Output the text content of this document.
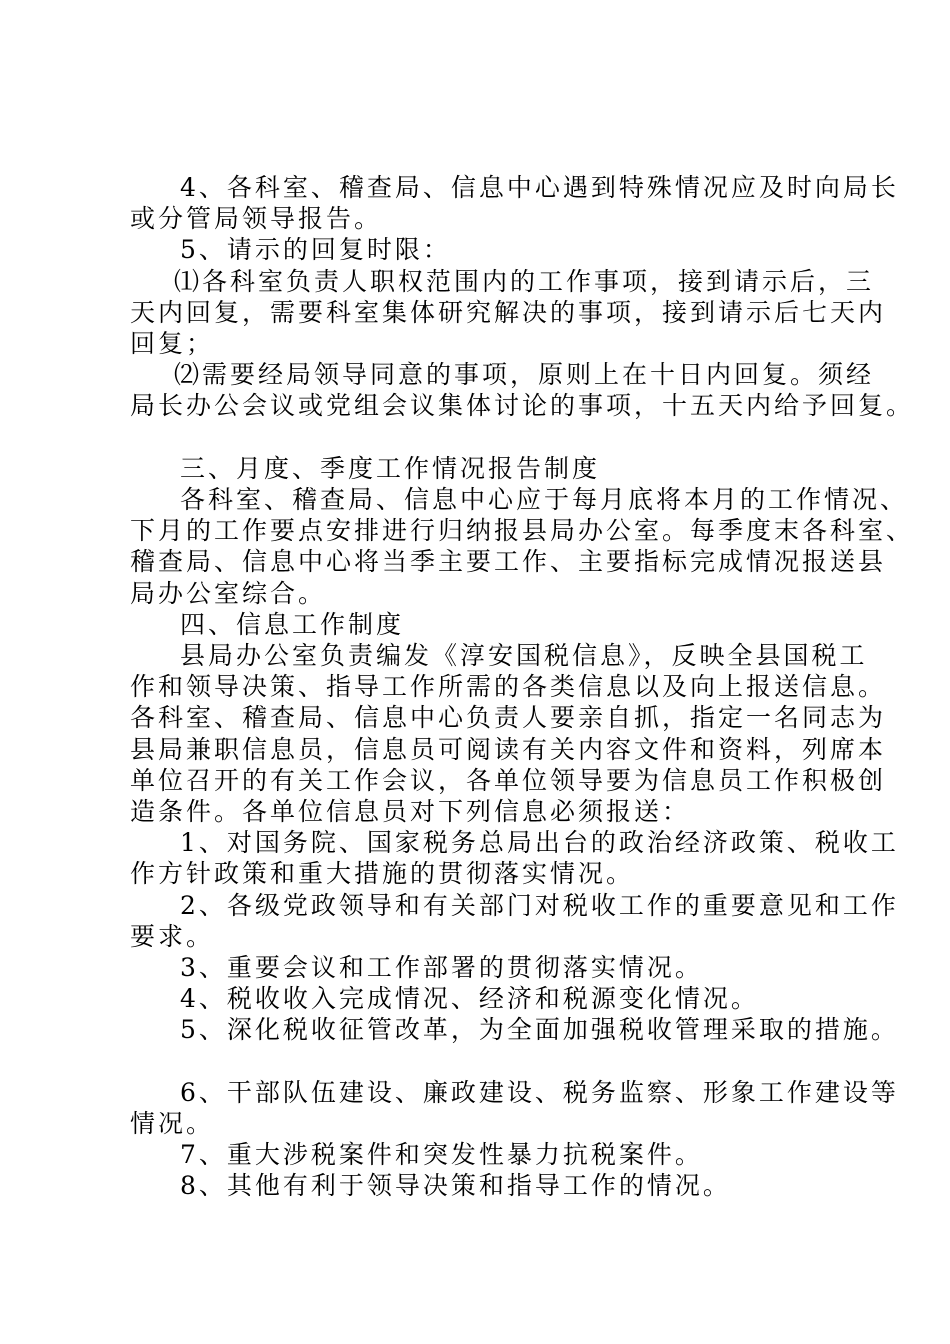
4、各科室、稽查局、信息中心遇到特殊情况应及时向局长
或分管局领导报告。

5、请示的回复时限：

⑴各科室负责人职权范围内的工作事项，接到请示后，三
天内回复，需要科室集体研究解决的事项，接到请示后七天内
回复；

⑵需要经局领导同意的事项，原则上在十日内回复。须经
局长办公会议或党组会议集体讨论的事项，十五天内给予回复。

三、月度、季度工作情况报告制度

各科室、稽查局、信息中心应于每月底将本月的工作情况、
下月的工作要点安排进行归纳报县局办公室。每季度末各科室、
稽查局、信息中心将当季主要工作、主要指标完成情况报送县
局办公室综合。

四、信息工作制度

县局办公室负责编发《淳安国税信息》，反映全县国税工
作和领导决策、指导工作所需的各类信息以及向上报送信息。
各科室、稽查局、信息中心负责人要亲自抓，指定一名同志为
县局兼职信息员，信息员可阅读有关内容文件和资料，列席本
单位召开的有关工作会议，各单位领导要为信息员工作积极创
造条件。各单位信息员对下列信息必须报送：

1、对国务院、国家税务总局出台的政治经济政策、税收工
作方针政策和重大措施的贯彻落实情况。

2、各级党政领导和有关部门对税收工作的重要意见和工作
要求。

3、重要会议和工作部署的贯彻落实情况。

4、税收收入完成情况、经济和税源变化情况。

5、深化税收征管改革，为全面加强税收管理采取的措施。

6、干部队伍建设、廉政建设、税务监察、形象工作建设等
情况。

7、重大涉税案件和突发性暴力抗税案件。

8、其他有利于领导决策和指导工作的情况。
